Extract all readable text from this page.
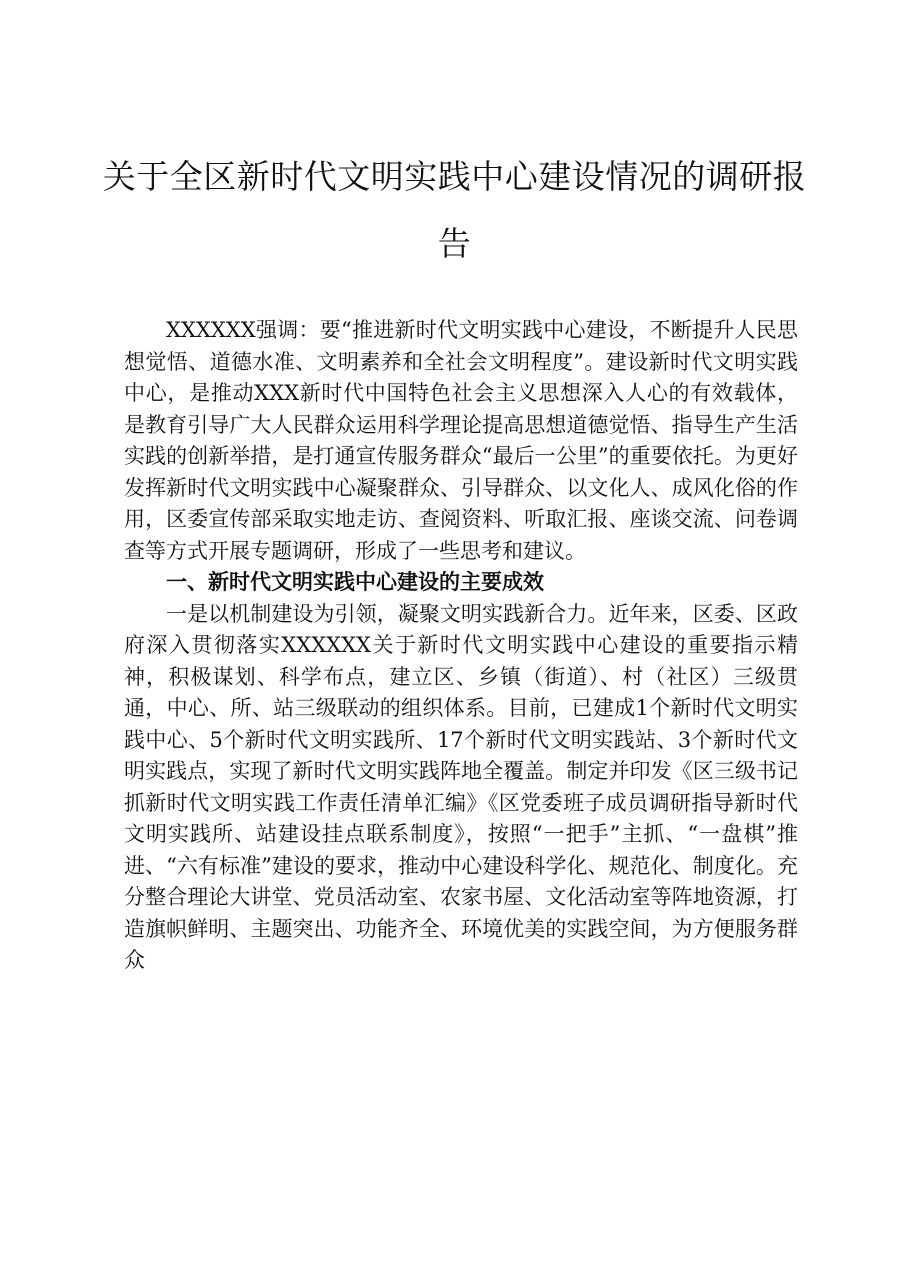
关于全区新时代文明实践中心建设情况的调研报告

XXXXXX强调：要“推进新时代文明实践中心建设，不断提升人民思想觉悟、道德水准、文明素养和全社会文明程度”。建设新时代文明实践中心，是推动XXX新时代中国特色社会主义思想深入人心的有效载体，是教育引导广大人民群众运用科学理论提高思想道德觉悟、指导生产生活实践的创新举措，是打通宣传服务群众“最后一公里”的重要依托。为更好发挥新时代文明实践中心凝聚群众、引导群众、以文化人、成风化俗的作用，区委宣传部采取实地走访、查阅资料、听取汇报、座谈交流、问卷调查等方式开展专题调研，形成了一些思考和建议。

一、新时代文明实践中心建设的主要成效

一是以机制建设为引领，凝聚文明实践新合力。近年来，区委、区政府深入贯彻落实XXXXXX关于新时代文明实践中心建设的重要指示精神，积极谋划、科学布点，建立区、乡镇（街道）、村（社区）三级贯通，中心、所、站三级联动的组织体系。目前，已建成1个新时代文明实践中心、5个新时代文明实践所、17个新时代文明实践站、3个新时代文明实践点，实现了新时代文明实践阵地全覆盖。制定并印发《区三级书记抓新时代文明实践工作责任清单汇编》《区党委班子成员调研指导新时代文明实践所、站建设挂点联系制度》，按照“一把手”主抓、“一盘棋”推进、“六有标准”建设的要求，推动中心建设科学化、规范化、制度化。充分整合理论大讲堂、党员活动室、农家书屋、文化活动室等阵地资源，打造旗帜鲜明、主题突出、功能齐全、环境优美的实践空间，为方便服务群众
